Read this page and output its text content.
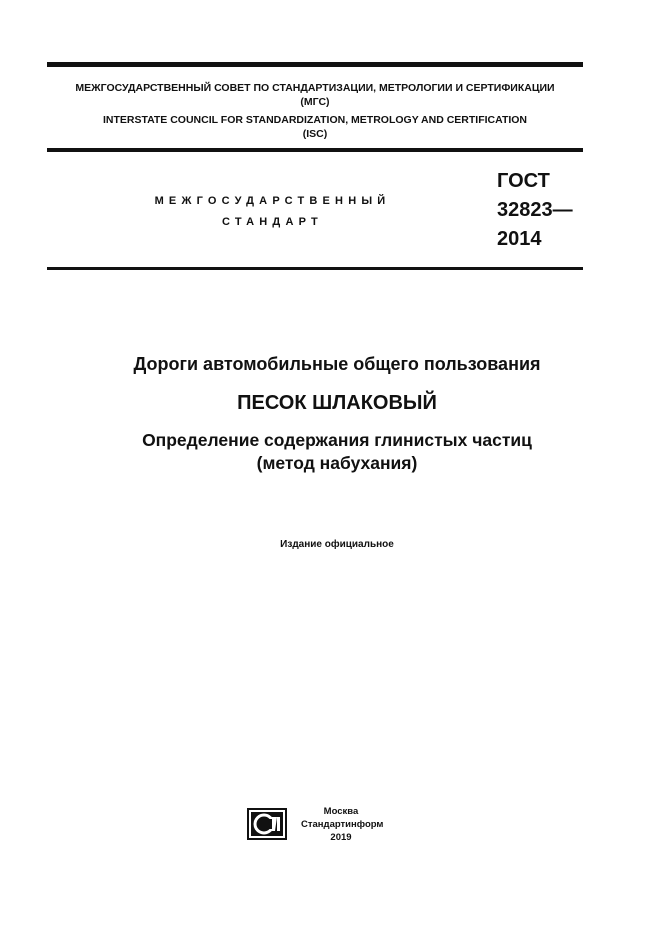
МЕЖГОСУДАРСТВЕННЫЙ СОВЕТ ПО СТАНДАРТИЗАЦИИ, МЕТРОЛОГИИ И СЕРТИФИКАЦИИ
(МГС)
INTERSTATE COUNCIL FOR STANDARDIZATION, METROLOGY AND CERTIFICATION
(ISC)
МЕЖГОСУДАРСТВЕННЫЙ
СТАНДАРТ
ГОСТ
32823—
2014
Дороги автомобильные общего пользования
ПЕСОК ШЛАКОВЫЙ
Определение содержания глинистых частиц
(метод набухания)
Издание официальное
Москва
Стандартинформ
2019
